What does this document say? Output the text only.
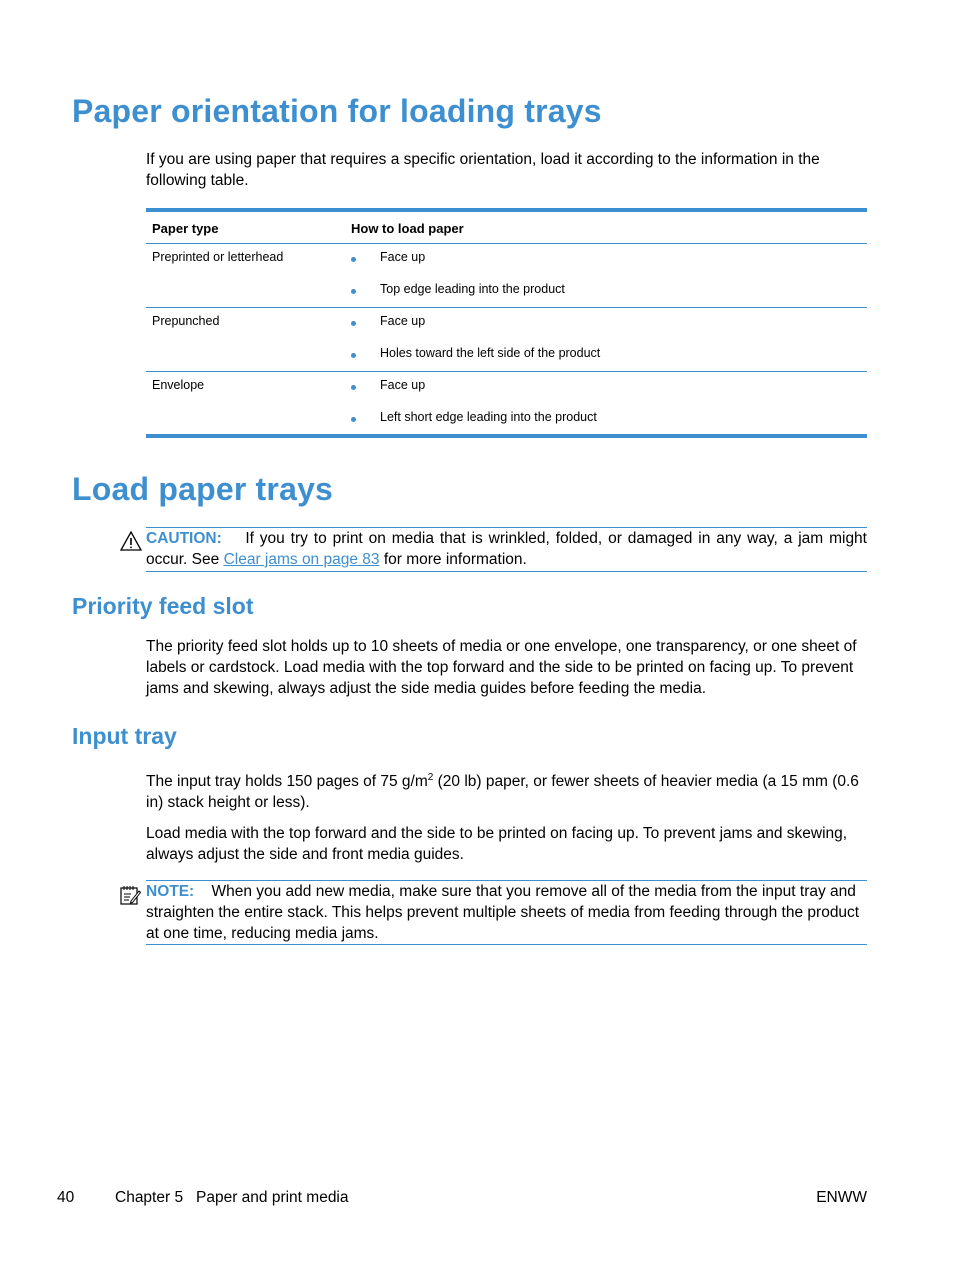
Paper orientation for loading trays

If you are using paper that requires a specific orientation, load it according to the information in the following table.

Paper type	How to load paper
Preprinted or letterhead	Face up
Top edge leading into the product
Prepunched	Face up
Holes toward the left side of the product
Envelope	Face up
Left short edge leading into the product
Load paper trays
CAUTION: If you try to print on media that is wrinkled, folded, or damaged in any way, a jam might occur. See Clear jams on page 83 for more information.
Priority feed slot

The priority feed slot holds up to 10 sheets of media or one envelope, one transparency, or one sheet of labels or cardstock. Load media with the top forward and the side to be printed on facing up. To prevent jams and skewing, always adjust the side media guides before feeding the media.

Input tray

The input tray holds 150 pages of 75 $g/m^2$ (20 lb) paper, or fewer sheets of heavier media (a 15 mm (0.6 in) stack height or less).

Load media with the top forward and the side to be printed on facing up. To prevent jams and skewing, always adjust the side and front media guides.

NOTE: When you add new media, make sure that you remove all of the media from the input tray and straighten the entire stack. This helps prevent multiple sheets of media from feeding through the product at one time, reducing media jams.
40	Chapter 5   Paper and print media	ENWW
